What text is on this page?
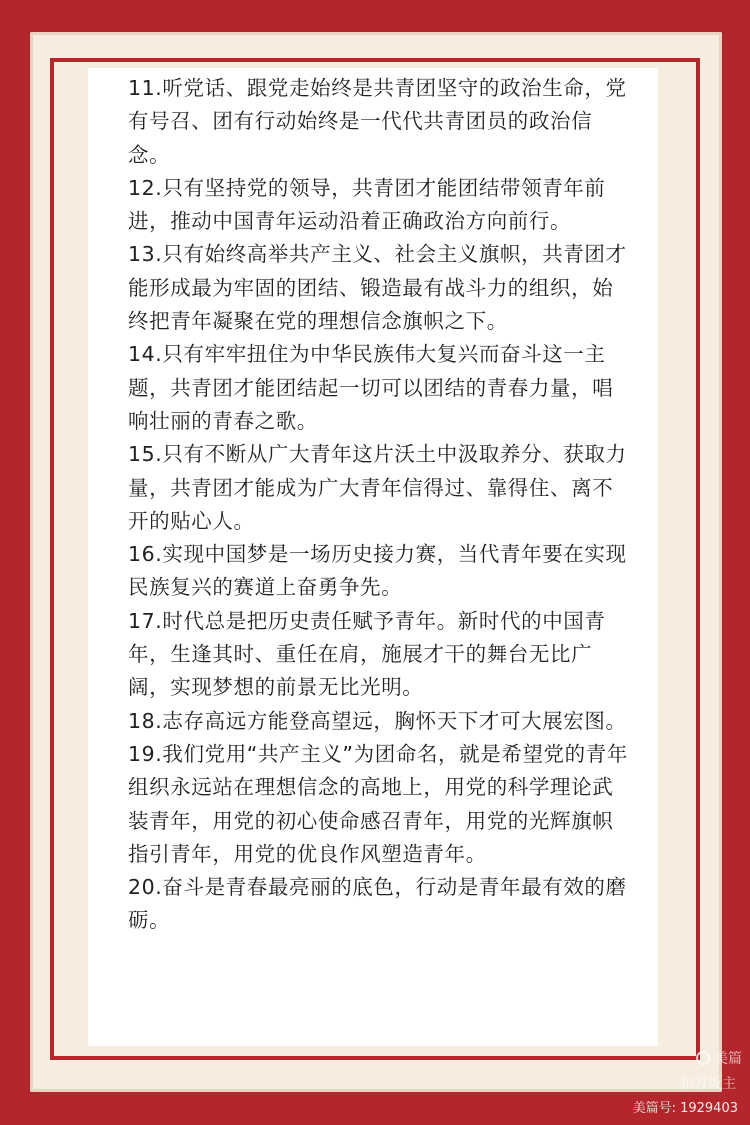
11.听党话、跟党走始终是共青团坚守的政治生命，党有号召、团有行动始终是一代代共青团员的政治信念。

12.只有坚持党的领导，共青团才能团结带领青年前进，推动中国青年运动沿着正确政治方向前行。

13.只有始终高举共产主义、社会主义旗帜，共青团才能形成最为牢固的团结、锻造最有战斗力的组织，始终把青年凝聚在党的理想信念旗帜之下。

14.只有牢牢扭住为中华民族伟大复兴而奋斗这一主题，共青团才能团结起一切可以团结的青春力量，唱响壮丽的青春之歌。

15.只有不断从广大青年这片沃土中汲取养分、获取力量，共青团才能成为广大青年信得过、靠得住、离不开的贴心人。

16.实现中国梦是一场历史接力赛，当代青年要在实现民族复兴的赛道上奋勇争先。

17.时代总是把历史责任赋予青年。新时代的中国青年，生逢其时、重任在肩，施展才干的舞台无比广阔，实现梦想的前景无比光明。

18.志存高远方能登高望远，胸怀天下才可大展宏图。

19.我们党用“共产主义”为团命名，就是希望党的青年组织永远站在理想信念的高地上，用党的科学理论武装青年，用党的初心使命感召青年，用党的光辉旗帜指引青年，用党的优良作风塑造青年。

20.奋斗是青春最亮丽的底色，行动是青年最有效的磨砺。

美篇
东方坂主
美篇号: 1929403
